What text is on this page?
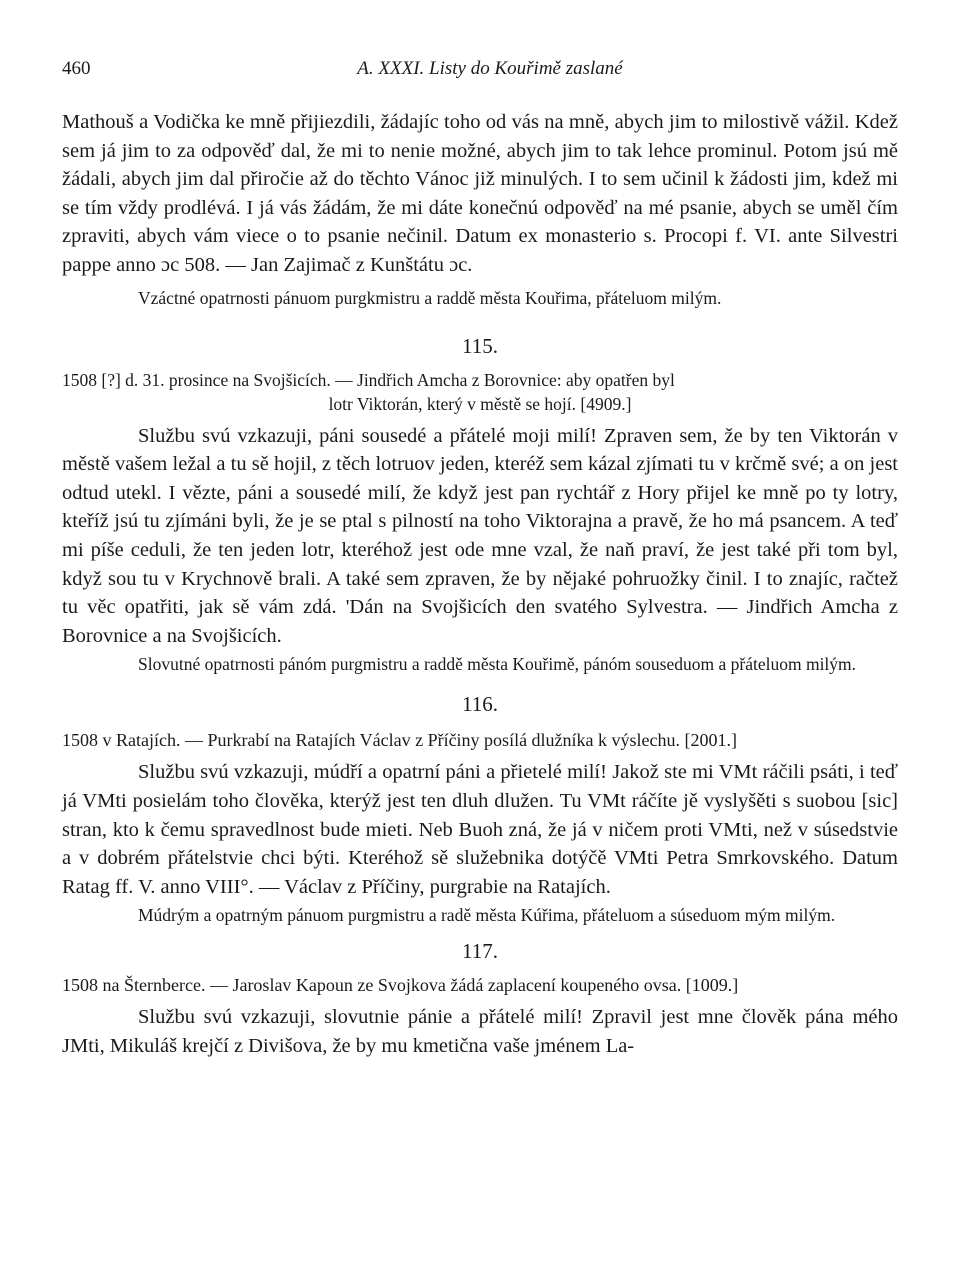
460	A. XXXI. Listy do Kouřimě zaslané

Mathouš a Vodička ke mně přijiezdili, žádajíc toho od vás na mně, abych jim to milostivě vážil. Kdež sem já jim to za odpověď dal, že mi to nenie možné, abych jim to tak lehce prominul. Potom jsú mě žádali, abych jim dal přiročie až do těchto Vánoc již minulých. I to sem učinil k žádosti jim, kdež mi se tím vždy prodlévá. I já vás žádám, že mi dáte konečnú odpověď na mé psanie, abych se uměl čím zpraviti, abych vám viece o to psanie nečinil. Datum ex monasterio s. Procopi f. VI. ante Silvestri pappe anno ɔc 508. — Jan Zajimač z Kunštátu ɔc.

Vzáctné opatrnosti pánuom purgkmistru a raddě města Kouřima, přáteluom milým.

115.

1508 [?] d. 31. prosince na Svojšicích. — Jindřich Amcha z Borovnice: aby opatřen byl
lotr Viktorán, který v městě se hojí. [4909.]

Službu svú vzkazuji, páni sousedé a přátelé moji milí! Zpraven sem, že by ten Viktorán v městě vašem ležal a tu sě hojil, z těch lotruov jeden, kteréž sem kázal zjímati tu v krčmě své; a on jest odtud utekl. I vězte, páni a sousedé milí, že když jest pan rychtář z Hory přijel ke mně po ty lotry, kteříž jsú tu zjímáni byli, že je se ptal s pilností na toho Viktorajna a pravě, že ho má psancem. A teď mi píše ceduli, že ten jeden lotr, kteréhož jest ode mne vzal, že naň praví, že jest také při tom byl, když sou tu v Krychnově brali. A také sem zpraven, že by nějaké pohruožky činil. I to znajíc, račtež tu věc opatřiti, jak sě vám zdá. 'Dán na Svojšicích den svatého Sylvestra. — Jindřich Amcha z Borovnice a na Svojšicích.

Slovutné opatrnosti pánóm purgmistru a raddě města Kouřimě, pánóm souseduom a přáteluom milým.

116.

1508 v Ratajích. — Purkrabí na Ratajích Václav z Příčiny posílá dlužníka k výslechu. [2001.]

Službu svú vzkazuji, múdří a opatrní páni a přietelé milí! Jakož ste mi VMt ráčili psáti, i teď já VMti posielám toho člověka, kterýž jest ten dluh dlužen. Tu VMt ráčíte jě vyslyšěti s suobou [sic] stran, kto k čemu spravedlnost bude mieti. Neb Buoh zná, že já v ničem proti VMti, než v súsedstvie a v dobrém přátelstvie chci býti. Kteréhož sě služebnika dotýčě VMti Petra Smrkovského. Datum Ratag ff. V. anno VIII°. — Václav z Příčiny, purgrabie na Ratajích.

Múdrým a opatrným pánuom purgmistru a radě města Kúřima, přáteluom a súseduom mým milým.

117.

1508 na Šternberce. — Jaroslav Kapoun ze Svojkova žádá zaplacení koupeného ovsa. [1009.]

Službu svú vzkazuji, slovutnie pánie a přátelé milí! Zpravil jest mne člověk pána mého JMti, Mikuláš krejčí z Divišova, že by mu kmetična vaše jménem La-
